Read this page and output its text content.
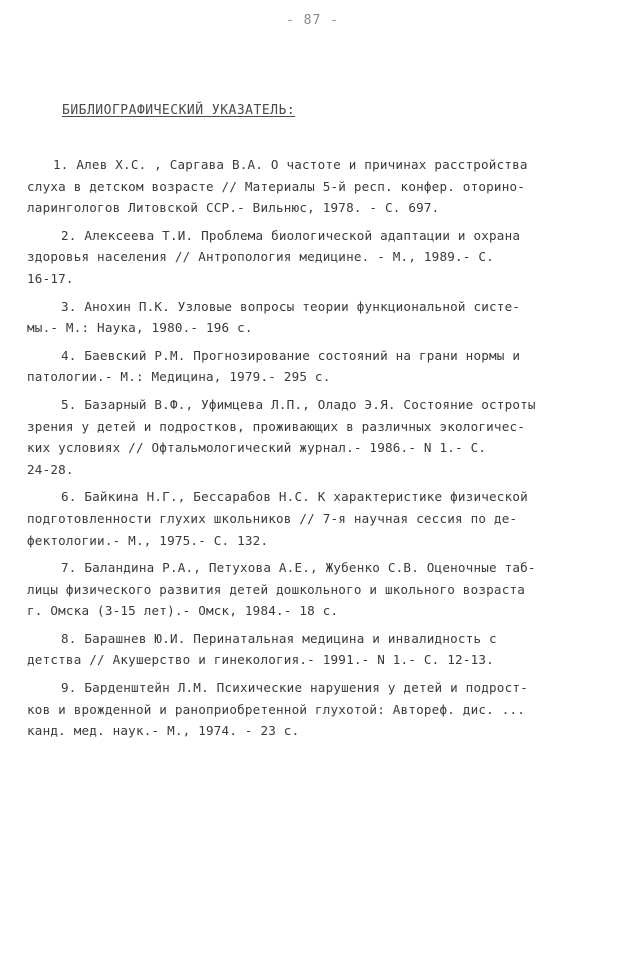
- 87 -
БИБЛИОГРАФИЧЕСКИЙ УКАЗАТЕЛЬ:
1. Алев Х.С. , Саргава В.А. О частоте и причинах расстройства
слуха в детском возрасте // Материалы 5-й респ. конфер. оторино-
ларингологов Литовской ССР.- Вильнюс, 1978. - С. 697.
2. Алексеева Т.И. Проблема биологической адаптации и охрана
здоровья населения // Антропология медицине. - М., 1989.- С.
16-17.
3. Анохин П.К. Узловые вопросы теории функциональной систе-
мы.- М.: Наука, 1980.- 196 с.
4. Баевский Р.М. Прогнозирование состояний на грани нормы и
патологии.- М.: Медицина, 1979.- 295 с.
5. Базарный В.Ф., Уфимцева Л.П., Оладо Э.Я. Состояние остроты
зрения у детей и подростков, проживающих в различных экологичес-
ких условиях // Офтальмологический журнал.- 1986.- N 1.- С.
24-28.
6. Байкина Н.Г., Бессарабов Н.С. К характеристике физической
подготовленности глухих школьников // 7-я научная сессия по де-
фектологии.- М., 1975.- С. 132.
7. Баландина Р.А., Петухова А.Е., Жубенко С.В. Оценочные таб-
лицы физического развития детей дошкольного и школьного возраста
г. Омска (3-15 лет).- Омск, 1984.- 18 с.
8. Барашнев Ю.И. Перинатальная медицина и инвалидность с
детства // Акушерство и гинекология.- 1991.- N 1.- С. 12-13.
9. Барденштейн Л.М. Психические нарушения у детей и подрост-
ков и врожденной и раноприобретенной глухотой: Автореф. дис. ...
канд. мед. наук.- М., 1974. - 23 с.
